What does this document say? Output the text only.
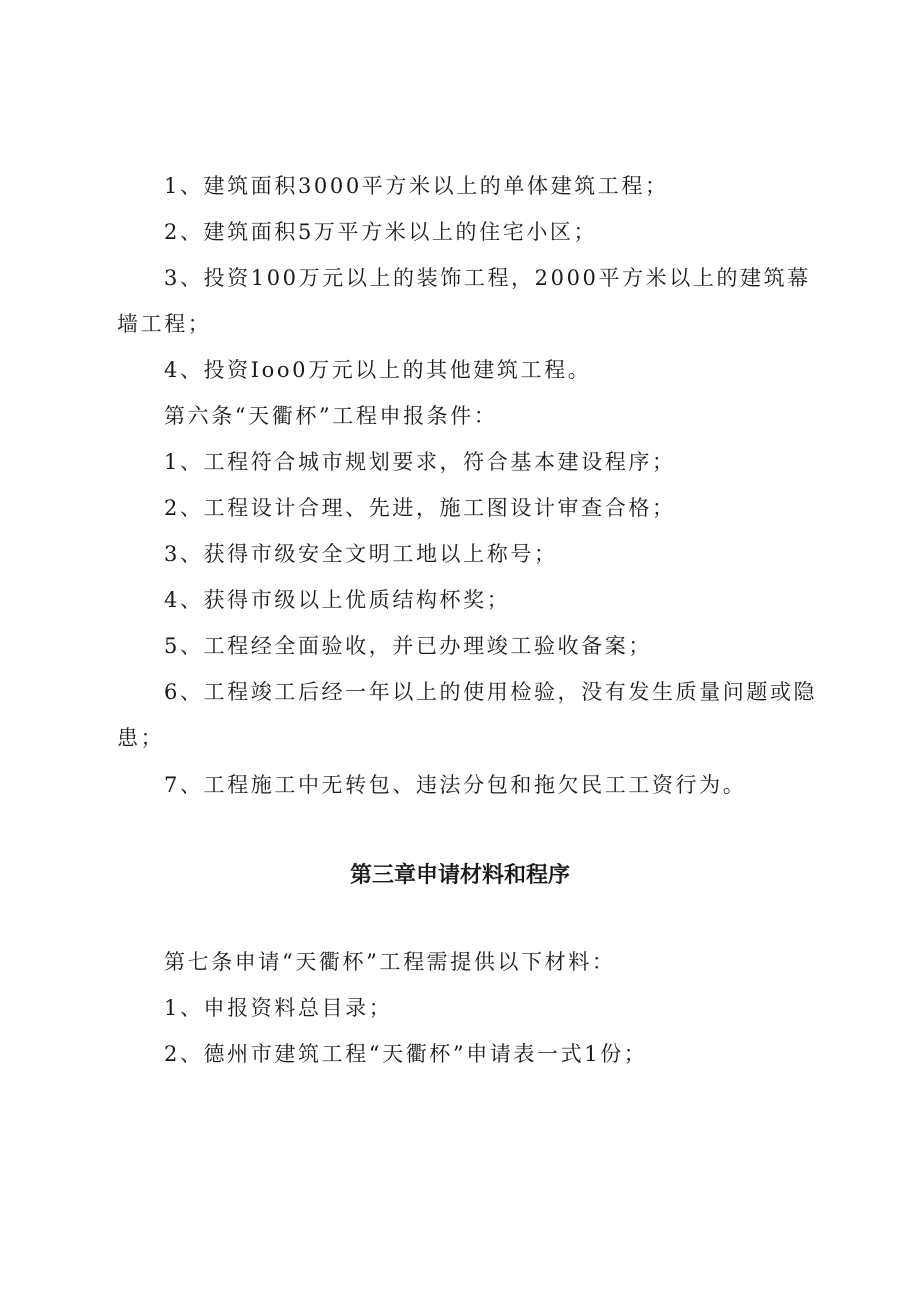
1、建筑面积3000平方米以上的单体建筑工程；
2、建筑面积5万平方米以上的住宅小区；
3、投资100万元以上的装饰工程，2000平方米以上的建筑幕
墙工程；
4、投资Ioo0万元以上的其他建筑工程。
第六条“天衢杯”工程申报条件：
1、工程符合城市规划要求，符合基本建设程序；
2、工程设计合理、先进，施工图设计审查合格；
3、获得市级安全文明工地以上称号；
4、获得市级以上优质结构杯奖；
5、工程经全面验收，并已办理竣工验收备案；
6、工程竣工后经一年以上的使用检验，没有发生质量问题或隐
患；
7、工程施工中无转包、违法分包和拖欠民工工资行为。
第三章申请材料和程序
第七条申请“天衢杯”工程需提供以下材料：
1、申报资料总目录；
2、德州市建筑工程“天衢杯”申请表一式1份；
